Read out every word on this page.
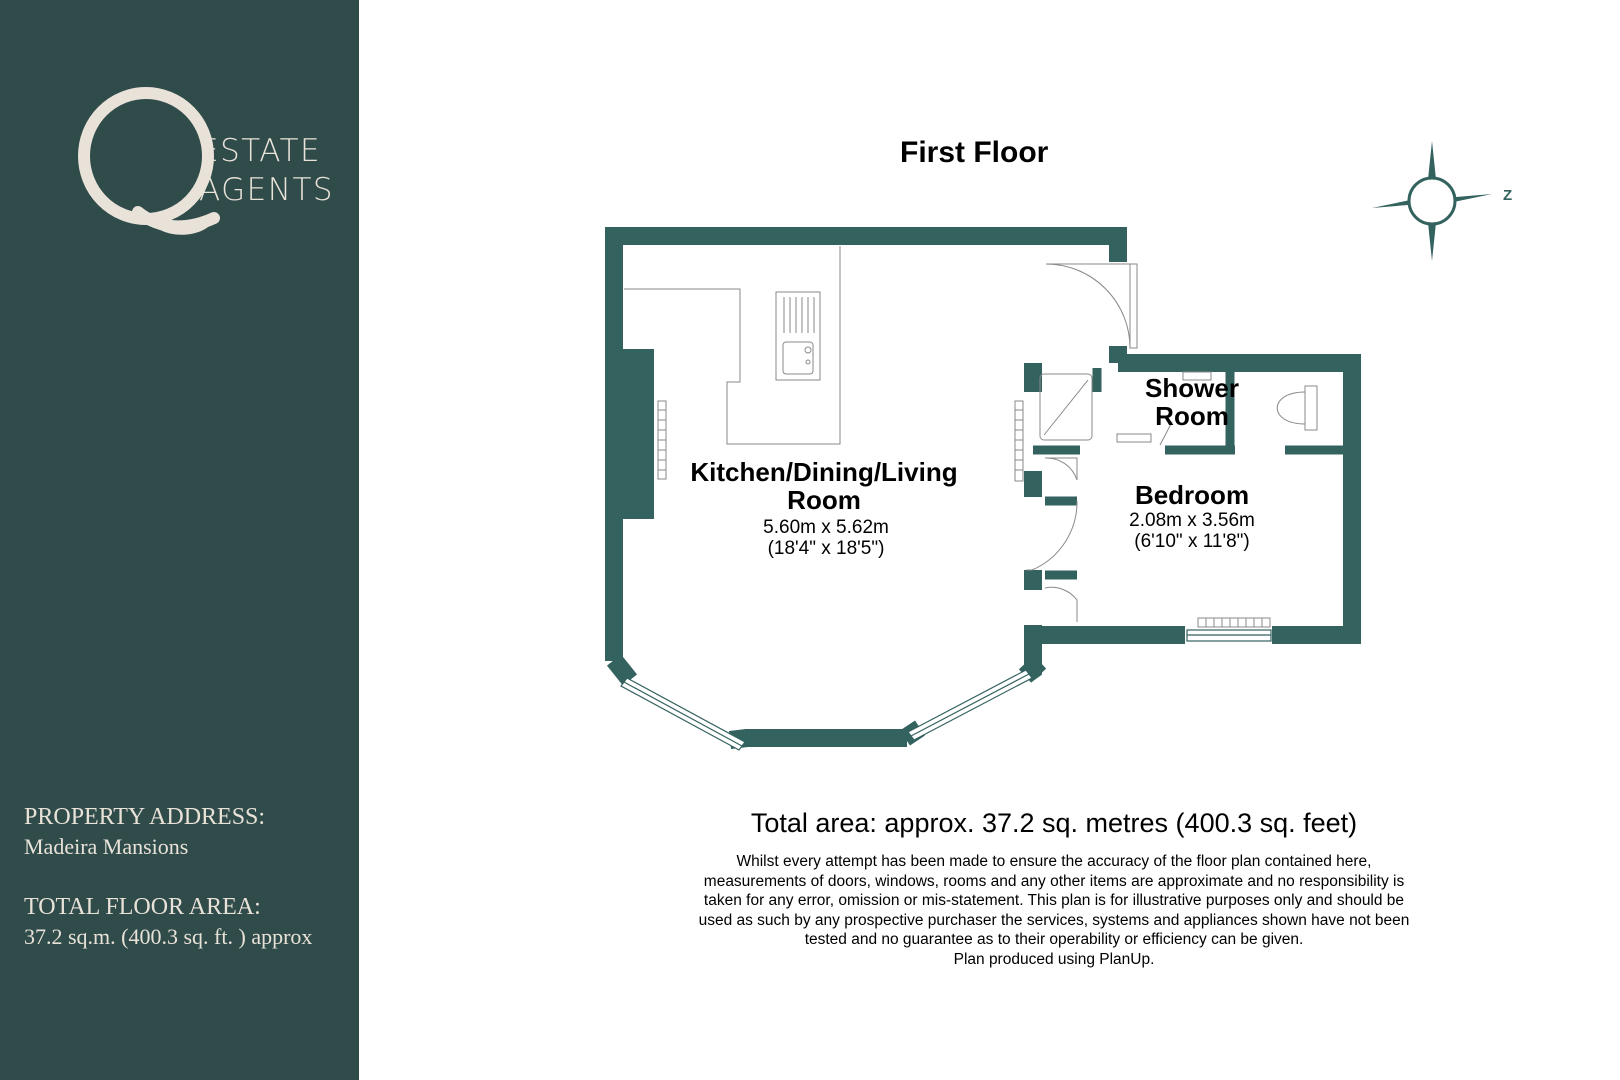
ESTATE
AGENTS
PROPERTY ADDRESS:
Madeira Mansions
TOTAL FLOOR AREA:
37.2 sq.m. (400.3 sq. ft. ) approx
First Floor
Z
Kitchen/Dining/Living
Room
5.60m x 5.62m
(18'4" x 18'5")
Shower
Room
Bedroom
2.08m x 3.56m
(6'10" x 11'8")
Total area: approx. 37.2 sq. metres (400.3 sq. feet)
Whilst every attempt has been made to ensure the accuracy of the floor plan contained here,
measurements of doors, windows, rooms and any other items are approximate and no responsibility is
taken for any error, omission or mis-statement. This plan is for illustrative purposes only and should be
used as such by any prospective purchaser the services, systems and appliances shown have not been
tested and no guarantee as to their operability or efficiency can be given.
Plan produced using PlanUp.
